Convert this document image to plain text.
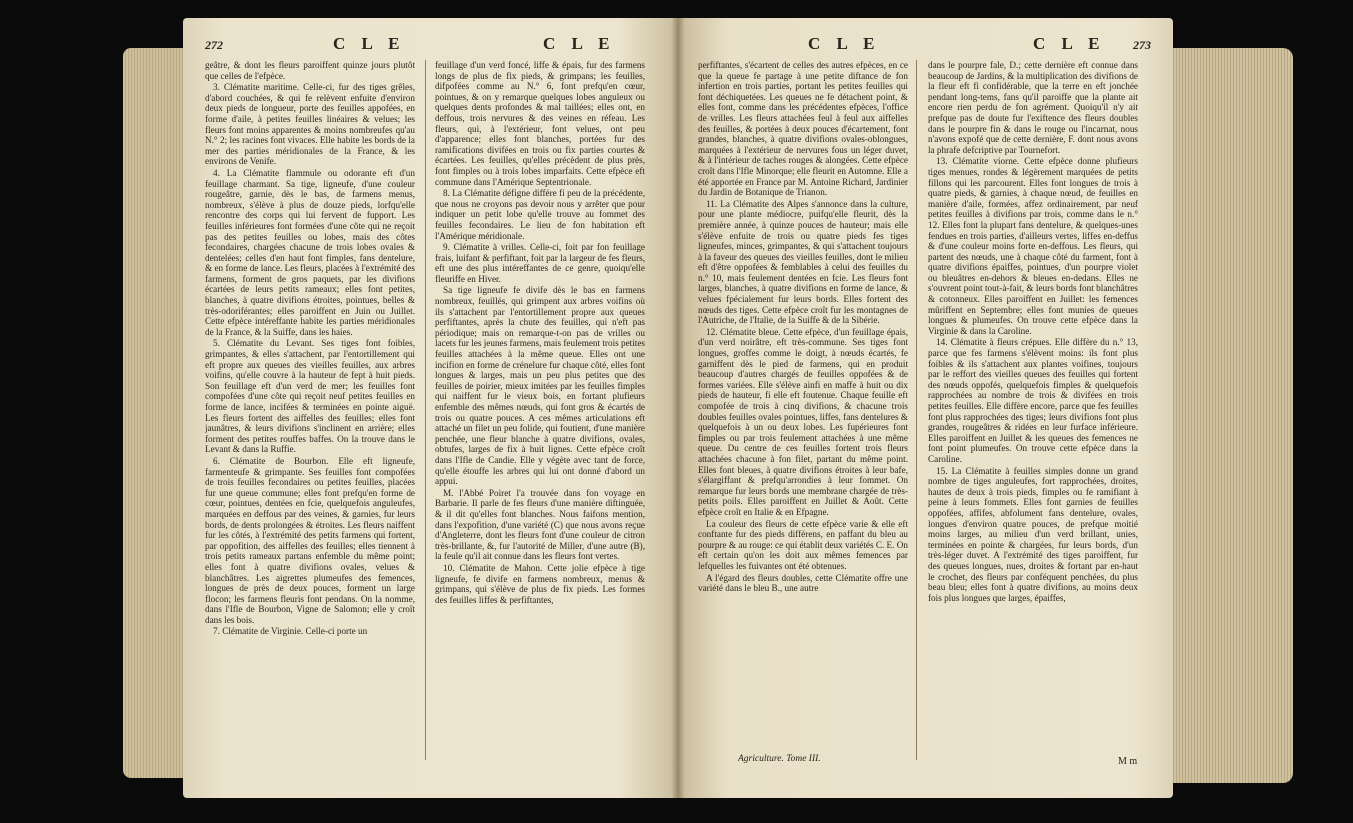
272	C L E	C L E

geâtre, & dont les fleurs paroiffent quinze jours plutôt que celles de l'efpèce.

3. Clématite maritime. Celle-ci, fur des tiges grêles, d'abord couchées, & qui fe relèvent enfuite d'environ deux pieds de longueur, porte des feuilles appofées, en forme d'aile, à petites feuilles linéaires & velues; les fleurs font moins apparentes & moins nombreufes qu'au N.° 2; les racines font vivaces. Elle habite les bords de la mer des parties méridionales de la France, & les environs de Venife.

4. La Clématite flammule ou odorante eft d'un feuillage charmant. Sa tige, ligneufe, d'une couleur rougeâtre, garnie, dès le bas, de farmens menus, nombreux, s'élève à plus de douze pieds, lorfqu'elle rencontre des corps qui lui fervent de fupport. Les feuilles inférieures font formées d'une côte qui ne reçoit pas des petites feuilles ou lobes, mais des côtes fecondaires, chargées chacune de trois lobes ovales & dentelées; celles d'en haut font fimples, fans dentelure, & en forme de lance. Les fleurs, placées à l'extrémité des farmens, forment de gros paquets, par les divifions écartées de leurs petits rameaux; elles font petites, blanches, à quatre divifions étroites, pointues, belles & très-odoriférantes; elles paroiffent en Juin ou Juillet. Cette efpèce intéreffante habite les parties méridionales de la France, & la Suiffe, dans les haies.

5. Clématite du Levant. Ses tiges font foibles, grimpantes, & elles s'attachent, par l'entortillement qui eft propre aux queues des vieilles feuilles, aux arbres voifins, qu'elle couvre à la hauteur de fept à huit pieds. Son feuillage eft d'un verd de mer; les feuilles font compofées d'une côte qui reçoit neuf petites feuilles en forme de lance, incifées & terminées en pointe aiguë. Les fleurs fortent des aiffelles des feuilles; elles font jaunâtres, & leurs divifions s'inclinent en arrière; elles forment des petites rouffes baffes. On la trouve dans le Levant & dans la Ruffie.

6. Clématite de Bourbon. Elle eft ligneufe, farmenteufe & grimpante. Ses feuilles font compofées de trois feuilles fecondaires ou petites feuilles, placées fur une queue commune; elles font prefqu'en forme de cœur, pointues, dentées en fcie, quelquefois anguleufes, marquées en deffous par des veines, & garnies, fur leurs bords, de dents prolongées & étroites. Les fleurs naiffent fur les côtés, à l'extrémité des petits farmens qui fortent, par oppofition, des aiffelles des feuilles; elles tiennent à trois petits rameaux partans enfemble du même point; elles font à quatre divifions ovales, velues & blanchâtres. Les aigrettes plumeufes des femences, longues de près de deux pouces, forment un large flocon; les farmens fleuris font pendans. On la nomme, dans l'Ifle de Bourbon, Vigne de Salomon; elle y croît dans les bois.

7. Clématite de Virginie. Celle-ci porte un

feuillage d'un verd foncé, liffe & épais, fur des farmens longs de plus de fix pieds, & grimpans; les feuilles, difpofées comme au N.° 6, font prefqu'en cœur, pointues, & on y remarque quelques lobes anguleux ou quelques dents profondes & mal taillées; elles ont, en deffous, trois nervures & des veines en réfeau. Les fleurs, qui, à l'extérieur, font velues, ont peu d'apparence; elles font blanches, portées fur des ramifications divifées en trois ou fix parties courtes & écartées. Les feuilles, qu'elles précèdent de plus près, font fimples ou à trois lobes imparfaits. Cette efpèce eft commune dans l'Amérique Septentrionale.

8. La Clématite défigne différe fi peu de la précédente, que nous ne croyons pas devoir nous y arrêter que pour indiquer un petit lobe qu'elle trouve au fommet des feuilles fecondaires. Le lieu de fon habitation eft l'Amérique méridionale.

9. Clématite à vrilles. Celle-ci, foit par fon feuillage frais, luifant & perfiftant, foit par la largeur de fes fleurs, eft une des plus intéreffantes de ce genre, quoiqu'elle fleuriffe en Hiver.

Sa tige ligneufe fe divife dès le bas en farmens nombreux, feuillés, qui grimpent aux arbres voifins où ils s'attachent par l'entortillement propre aux queues perfiftantes, après la chute des feuilles, qui n'eft pas périodique; mais on remarque-t-on pas de vrilles ou lacets fur les jeunes farmens, mais feulement trois petites feuilles attachées à la même queue. Elles ont une incifion en forme de crénelure fur chaque côté, elles font longues & larges, mais un peu plus petites que des feuilles de poirier, mieux imitées par les feuilles fimples qui naiffent fur le vieux bois, en fortant plufieurs enfemble des mêmes nœuds, qui font gros & écartés de trois ou quatre pouces. A ces mêmes articulations eft attaché un filet un peu folide, qui foutient, d'une manière penchée, une fleur blanche à quatre divifions, ovales, obtufes, larges de fix à huit lignes. Cette efpèce croît dans l'Ifle de Candie. Elle y végète avec tant de force, qu'elle étouffe les arbres qui lui ont donné d'abord un appui.

M. l'Abbé Poiret l'a trouvée dans fon voyage en Barbarie. Il parle de fes fleurs d'une manière diftinguée, & il dit qu'elles font blanches. Nous faifons mention, dans l'expofition, d'une variété (C) que nous avons reçue d'Angleterre, dont les fleurs font d'une couleur de citron très-brillante, &, fur l'autorité de Miller, d'une autre (B), la feule qu'il ait connue dans les fleurs font vertes.

10. Clématite de Mahon. Cette jolie efpèce à tige ligneufe, fe divife en farmens nombreux, menus & grimpans, qui s'élève de plus de fix pieds. Les formes des feuilles liffes & perfiftantes,

C L E	C L E 273

perfiftantes, s'écartent de celles des autres efpèces, en ce que la queue fe partage à une petite diftance de fon infertion en trois parties, portant les petites feuilles qui font déchiquetées. Les queues ne fe détachent point, & elles font, comme dans les précédentes efpèces, l'office de vrilles. Les fleurs attachées feul à feul aux aiffelles des feuilles, & portées à deux pouces d'écartement, font grandes, blanches, à quatre divifions ovales-oblongues, marquées à l'extérieur de nervures fous un léger duvet, & à l'intérieur de taches rouges & alongées. Cette efpèce croît dans l'Ifle Minorque; elle fleurit en Automne. Elle a été apportée en France par M. Antoine Richard, Jardinier du Jardin de Botanique de Trianon.

11. La Clématite des Alpes s'annonce dans la culture, pour une plante médiocre, puifqu'elle fleurit, dès la première année, à quinze pouces de hauteur; mais elle s'élève enfuite de trois ou quatre pieds fes tiges ligneufes, minces, grimpantes, & qui s'attachent toujours à la faveur des queues des vieilles feuilles, dont le milieu eft d'être oppofées & femblables à celui des feuilles du n.° 10, mais feulement dentées en fcie. Les fleurs font larges, blanches, à quatre divifions en forme de lance, & velues fpécialement fur leurs bords. Elles fortent des nœuds des tiges. Cette efpèce croît fur les montagnes de l'Autriche, de l'Italie, de la Suiffe & de la Sibérie.

12. Clématite bleue. Cette efpèce, d'un feuillage épais, d'un verd noirâtre, eft très-commune. Ses tiges font longues, groffes comme le doigt, à nœuds écartés, fe garniffent dès le pied de farmens, qui en produit beaucoup d'autres chargés de feuilles oppofées & de formes variées. Elle s'élève ainfi en maffe à huit ou dix pieds de hauteur, fi elle eft foutenue. Chaque feuille eft compofée de trois à cinq divifions, & chacune trois doubles feuilles ovales pointues, liffes, fans dentelures & quelquefois à un ou deux lobes. Les fupérieures font fimples ou par trois feulement attachées à une même queue. Du centre de ces feuilles fortent trois fleurs attachées chacune à fon filet, partant du même point. Elles font bleues, à quatre divifions étroites à leur bafe, s'élargiffant & prefqu'arrondies à leur fommet. On remarque fur leurs bords une membrane chargée de très-petits poils. Elles paroiffent en Juillet & Août. Cette efpèce croît en Italie & en Efpagne.

La couleur des fleurs de cette efpèce varie & elle eft conftante fur des pieds différens, en paffant du bleu au pourpre & au rouge: ce qui établit deux variétés C. E. On eft certain qu'on les doit aux mêmes femences par lefquelles les fuivantes ont été obtenues.

A l'égard des fleurs doubles, cette Clématite offre une variété dans le bleu B., une autre

Agriculture. Tome III.

dans le pourpre fale, D.; cette dernière eft connue dans beaucoup de Jardins, & la multiplication des divifions de la fleur eft fi confidérable, que la terre en eft jonchée pendant long-tems, fans qu'il paroiffe que la plante ait encore rien perdu de fon agrément. Quoiqu'il n'y ait prefque pas de doute fur l'exiftence des fleurs doubles dans le pourpre fin & dans le rouge ou l'incarnat, nous n'avons expofé que de cette dernière, F. dont nous avons la phrafe defcriptive par Tournefort.

13. Clématite viorne. Cette efpèce donne plufieurs tiges menues, rondes & légèrement marquées de petits fillons qui les parcourent. Elles font longues de trois à quatre pieds, & garnies, à chaque nœud, de feuilles en manière d'aile, formées, affez ordinairement, par neuf petites feuilles à divifions par trois, comme dans le n.° 12. Elles font la plupart fans dentelure, & quelques-unes fendues en trois parties, d'ailleurs vertes, liffes en-deffus & d'une couleur moins forte en-deffous. Les fleurs, qui partent des nœuds, une à chaque côté du farment, font à quatre divifions épaiffes, pointues, d'un pourpre violet ou bleuâtres en-dehors & bleues en-dedans. Elles ne s'ouvrent point tout-à-fait, & leurs bords font blanchâtres & cotonneux. Elles paroiffent en Juillet: les femences mûriffent en Septembre; elles font munies de queues longues & plumeufes. On trouve cette efpèce dans la Virginie & dans la Caroline.

14. Clématite à fleurs crépues. Elle diffère du n.° 13, parce que fes farmens s'élèvent moins: ils font plus foibles & ils s'attachent aux plantes voifines, toujours par le reffort des vieilles queues des feuilles qui fortent des nœuds oppofés, quelquefois fimples & quelquefois rapprochées au nombre de trois & divifées en trois petites feuilles. Elle diffère encore, parce que fes feuilles font plus rapprochées des tiges; leurs divifions font plus grandes, rougeâtres & ridées en leur furface inférieure. Elles paroiffent en Juillet & les queues des femences ne font point plumeufes. On trouve cette efpèce dans la Caroline.

15. La Clématite à feuilles simples donne un grand nombre de tiges anguleufes, fort rapprochées, droites, hautes de deux à trois pieds, fimples ou fe ramifiant à peine à leurs fommets. Elles font garnies de feuilles oppofées, affifes, abfolument fans dentelure, ovales, longues d'environ quatre pouces, de prefque moitié moins larges, au milieu d'un verd brillant, unies, terminées en pointe & chargées, fur leurs bords, d'un très-léger duvet. A l'extrémité des tiges paroiffent, fur des queues longues, nues, droites & fortant par en-haut le crochet, des fleurs par conféquent penchées, du plus beau bleu; elles font à quatre divifions, au moins deux fois plus longues que larges, épaiffes,

M m
